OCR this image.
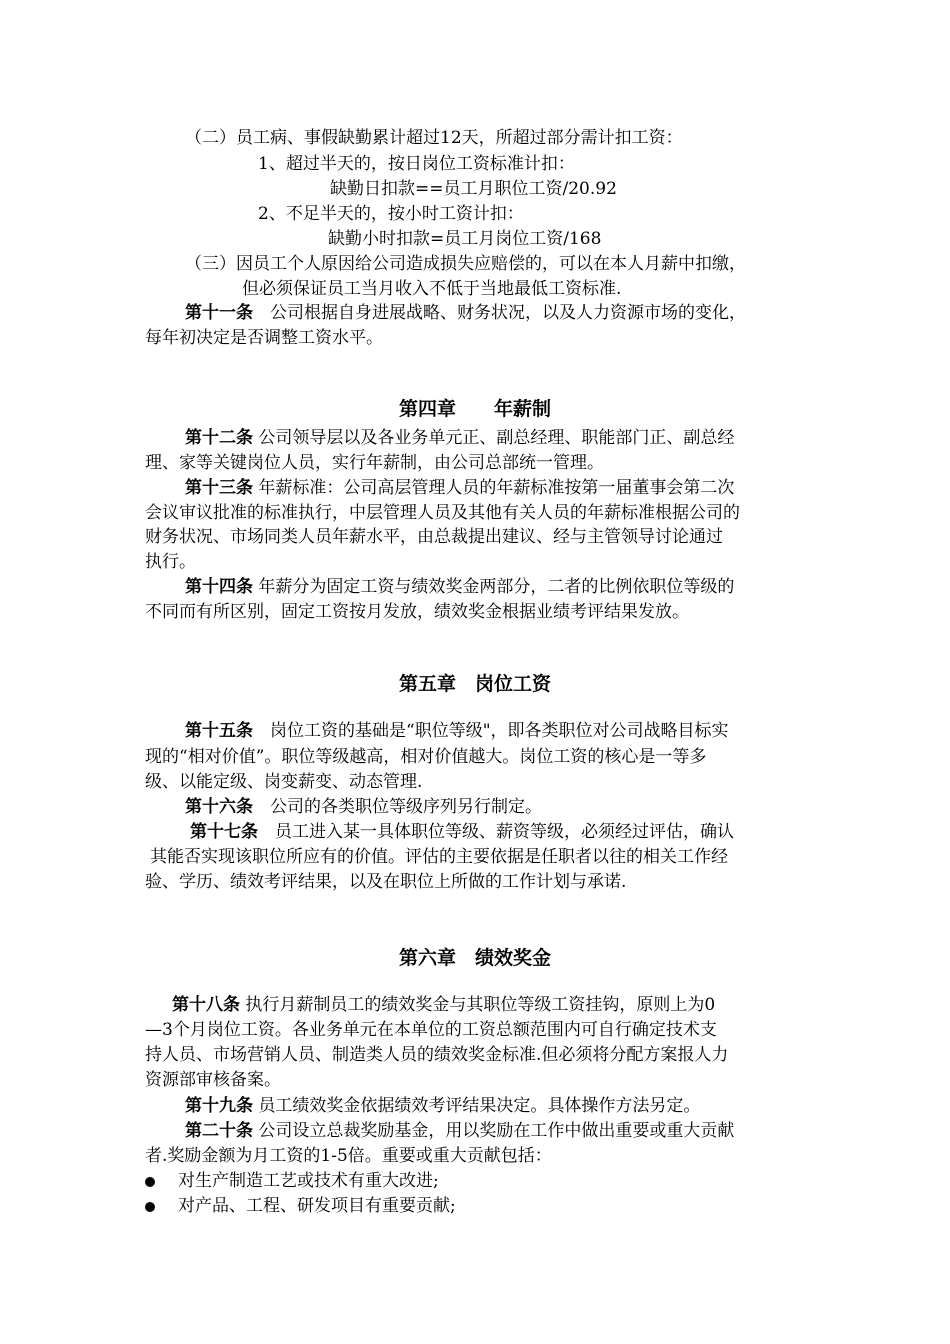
（二）员工病、事假缺勤累计超过12天，所超过部分需计扣工资：
1、超过半天的，按日岗位工资标准计扣：
缺勤日扣款==员工月职位工资/20.92
2、不足半天的，按小时工资计扣：
缺勤小时扣款=员工月岗位工资/168
（三）因员工个人原因给公司造成损失应赔偿的，可以在本人月薪中扣缴，
但必须保证员工当月收入不低于当地最低工资标准.
第十一条　公司根据自身进展战略、财务状况，以及人力资源市场的变化，
每年初决定是否调整工资水平。
第四章　　年薪制
第十二条 公司领导层以及各业务单元正、副总经理、职能部门正、副总经
理、家等关键岗位人员，实行年薪制，由公司总部统一管理。
第十三条 年薪标准：公司高层管理人员的年薪标准按第一届董事会第二次
会议审议批准的标准执行，中层管理人员及其他有关人员的年薪标准根据公司的
财务状况、市场同类人员年薪水平，由总裁提出建议、经与主管领导讨论通过
执行。
第十四条 年薪分为固定工资与绩效奖金两部分，二者的比例依职位等级的
不同而有所区别，固定工资按月发放，绩效奖金根据业绩考评结果发放。
第五章　岗位工资
第十五条　岗位工资的基础是“职位等级"，即各类职位对公司战略目标实
现的“相对价值”。职位等级越高，相对价值越大。岗位工资的核心是一等多
级、以能定级、岗变薪变、动态管理.
第十六条　公司的各类职位等级序列另行制定。
第十七条　员工进入某一具体职位等级、薪资等级，必须经过评估，确认
其能否实现该职位所应有的价值。评估的主要依据是任职者以往的相关工作经
验、学历、绩效考评结果，以及在职位上所做的工作计划与承诺.
第六章　绩效奖金
第十八条 执行月薪制员工的绩效奖金与其职位等级工资挂钩，原则上为0
—3个月岗位工资。各业务单元在本单位的工资总额范围内可自行确定技术支
持人员、市场营销人员、制造类人员的绩效奖金标准.但必须将分配方案报人力
资源部审核备案。
第十九条 员工绩效奖金依据绩效考评结果决定。具体操作方法另定。
第二十条 公司设立总裁奖励基金，用以奖励在工作中做出重要或重大贡献
者.奖励金额为月工资的1-5倍。重要或重大贡献包括：
对生产制造工艺或技术有重大改进;
对产品、工程、研发项目有重要贡献;
